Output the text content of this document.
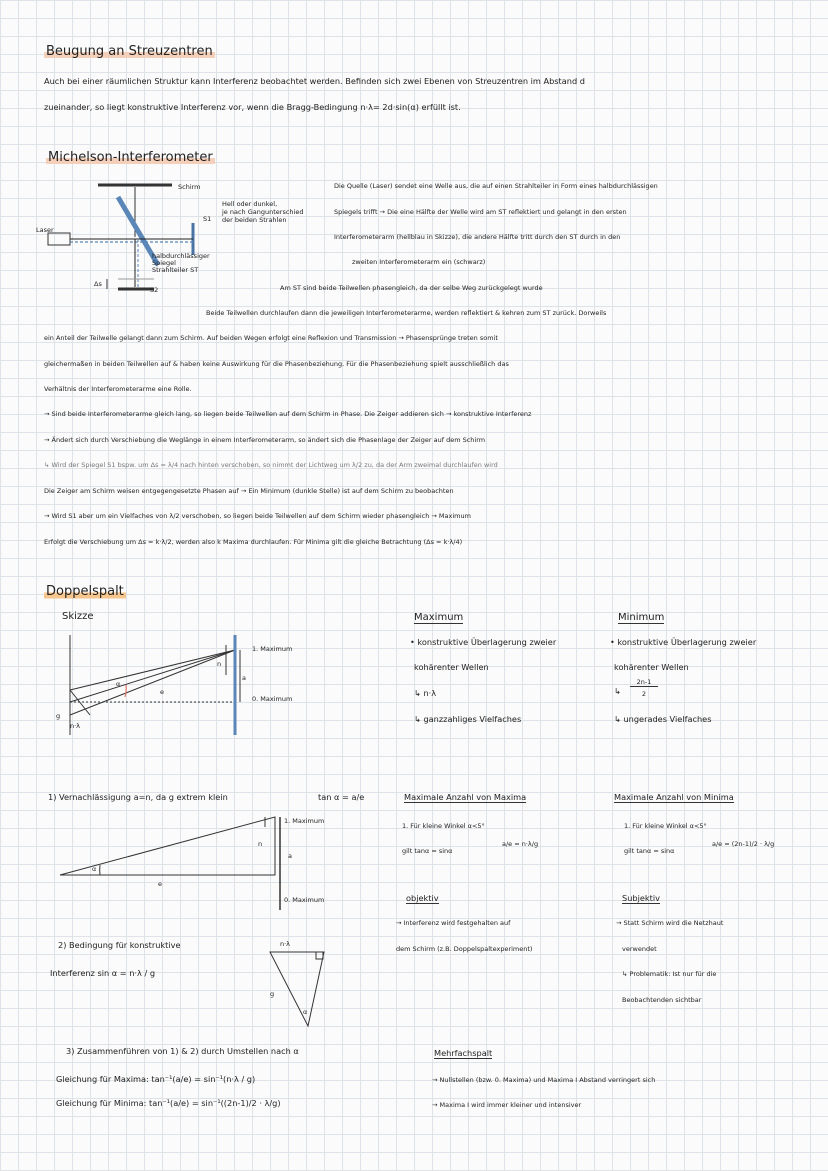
Beugung an Streuzentren
Auch bei einer räumlichen Struktur kann Interferenz beobachtet werden. Befinden sich zwei Ebenen von Streuzentren im Abstand d
zueinander, so liegt konstruktive Interferenz vor, wenn die Bragg-Bedingung n·λ= 2d·sin(α) erfüllt ist.
Michelson-Interferometer
Schirm
S1
S2
Laser
Δs
Hell oder dunkel,
je nach Gangunterschied
der beiden Strahlen
halbdurchlässiger
Spiegel
Strahlteiler ST
Die Quelle (Laser) sendet eine Welle aus, die auf einen Strahlteiler in Form eines halbdurchlässigen
Spiegels trifft → Die eine Hälfte der Welle wird am ST reflektiert und gelangt in den ersten
Interferometerarm (hellblau in Skizze), die andere Hälfte tritt durch den ST durch in den
zweiten Interferometerarm ein (schwarz)
Am ST sind beide Teilwellen phasengleich, da der selbe Weg zurückgelegt wurde
Beide Teilwellen durchlaufen dann die jeweiligen Interferometerarme, werden reflektiert & kehren zum ST zurück. Dorweils
ein Anteil der Teilwelle gelangt dann zum Schirm. Auf beiden Wegen erfolgt eine Reflexion und Transmission → Phasensprünge treten somit
gleichermaßen in beiden Teilwellen auf & haben keine Auswirkung für die Phasenbeziehung. Für die Phasenbeziehung spielt ausschließlich das
Verhältnis der Interferometerarme eine Rolle.
→ Sind beide Interferometerarme gleich lang, so liegen beide Teilwellen auf dem Schirm in Phase. Die Zeiger addieren sich → konstruktive Interferenz
→ Ändert sich durch Verschiebung die Weglänge in einem Interferometerarm, so ändert sich die Phasenlage der Zeiger auf dem Schirm
↳ Wird der Spiegel S1 bspw. um Δs = λ/4 nach hinten verschoben, so nimmt der Lichtweg um λ/2 zu, da der Arm zweimal durchlaufen wird
Die Zeiger am Schirm weisen entgegengesetzte Phasen auf → Ein Minimum (dunkle Stelle) ist auf dem Schirm zu beobachten
→ Wird S1 aber um ein Vielfaches von λ/2 verschoben, so liegen beide Teilwellen auf dem Schirm wieder phasengleich → Maximum
Erfolgt die Verschiebung um Δs = k·λ/2, werden also k Maxima durchlaufen. Für Minima gilt die gleiche Betrachtung (Δs = k·λ/4)
Doppelspalt
Skizze
g
n·λ
α
e
n
a
1. Maximum
0. Maximum
Maximum
• konstruktive Überlagerung zweier
kohärenter Wellen
↳ n·λ
↳ ganzzahliges Vielfaches
Minimum
• konstruktive Überlagerung zweier
kohärenter Wellen
↳
2n-1
2
↳ ungerades Vielfaches
1) Vernachlässigung a=n, da g extrem klein	tan α = a/e
α
e
n
a
1. Maximum
0. Maximum
2) Bedingung für konstruktive
Interferenz sin α = n·λ / g
n·λ
g
α
Maximale Anzahl von Maxima
1. Für kleine Winkel α<5°
gilt tanα = sinα
a/e = n·λ/g
Maximale Anzahl von Minima
1. Für kleine Winkel α<5°
gilt tanα = sinα
a/e = (2n-1)/2 · λ/g
objektiv
→ Interferenz wird festgehalten auf
dem Schirm (z.B. Doppelspaltexperiment)
Subjektiv
→ Statt Schirm wird die Netzhaut
verwendet
↳ Problematik: Ist nur für die
Beobachtenden sichtbar
3) Zusammenführen von 1) & 2) durch Umstellen nach α
Gleichung für Maxima: tan⁻¹(a/e) = sin⁻¹(n·λ / g)
Gleichung für Minima: tan⁻¹(a/e) = sin⁻¹((2n-1)/2 · λ/g)
Mehrfachspalt
→ Nullstellen (bzw. 0. Maxima) und Maxima I Abstand verringert sich
→ Maxima I wird immer kleiner und intensiver
